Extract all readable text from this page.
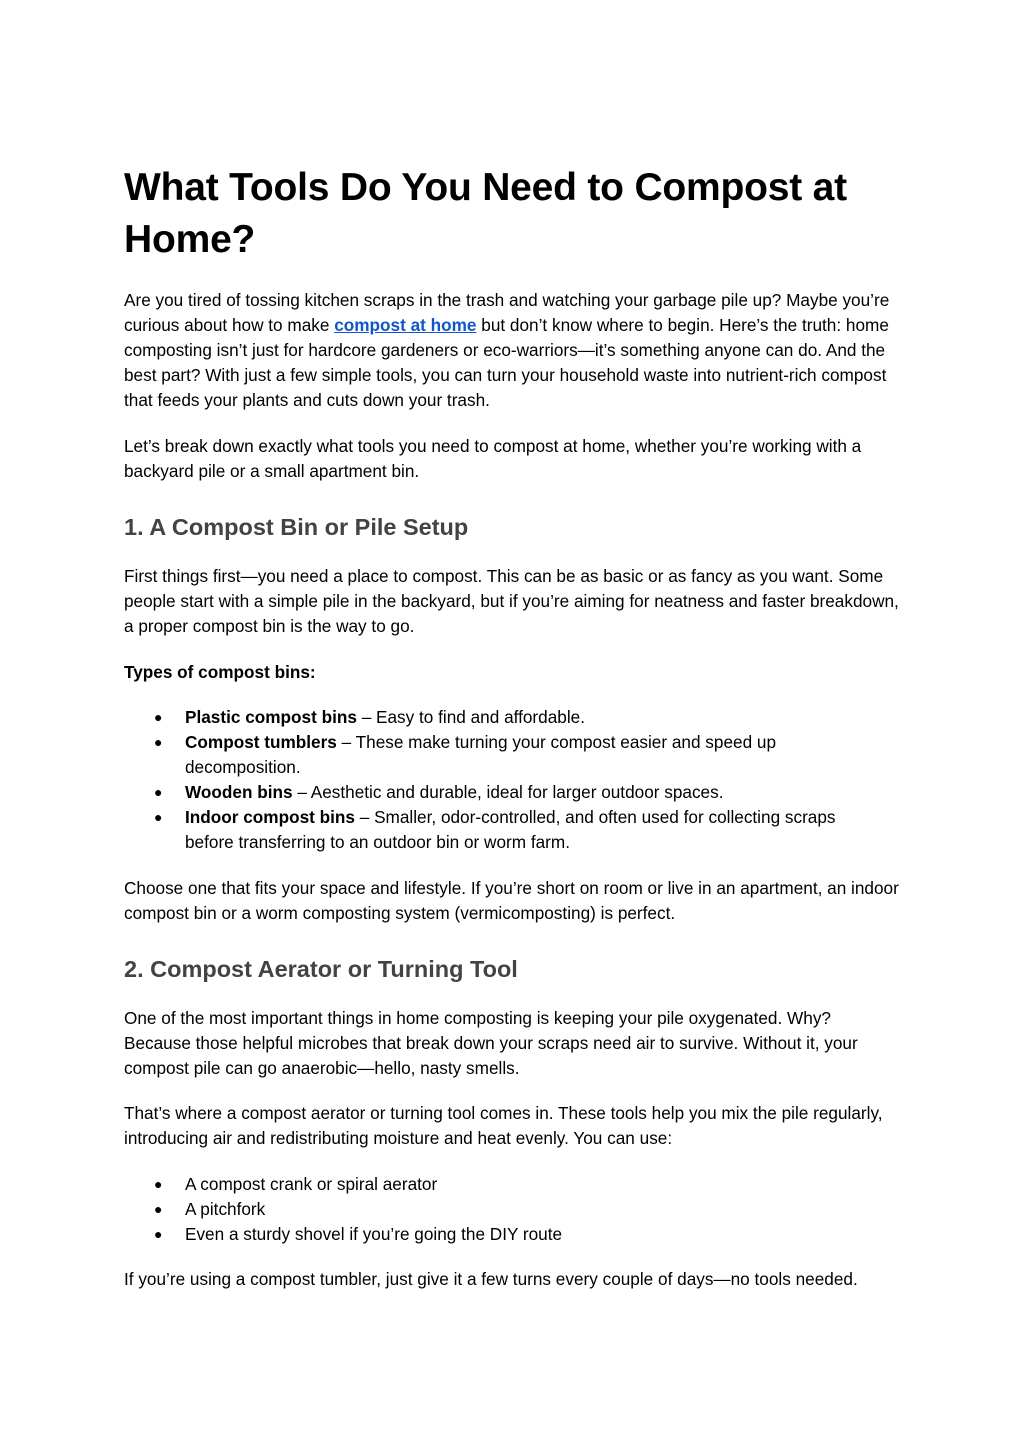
What Tools Do You Need to Compost at Home?

Are you tired of tossing kitchen scraps in the trash and watching your garbage pile up? Maybe you’re curious about how to make compost at home but don’t know where to begin. Here’s the truth: home composting isn’t just for hardcore gardeners or eco-warriors—it’s something anyone can do. And the best part? With just a few simple tools, you can turn your household waste into nutrient-rich compost that feeds your plants and cuts down your trash.

Let’s break down exactly what tools you need to compost at home, whether you’re working with a backyard pile or a small apartment bin.

1. A Compost Bin or Pile Setup

First things first—you need a place to compost. This can be as basic or as fancy as you want. Some people start with a simple pile in the backyard, but if you’re aiming for neatness and faster breakdown, a proper compost bin is the way to go.

Types of compost bins:

● Plastic compost bins – Easy to find and affordable.
● Compost tumblers – These make turning your compost easier and speed up decomposition.
● Wooden bins – Aesthetic and durable, ideal for larger outdoor spaces.
● Indoor compost bins – Smaller, odor-controlled, and often used for collecting scraps before transferring to an outdoor bin or worm farm.

Choose one that fits your space and lifestyle. If you’re short on room or live in an apartment, an indoor compost bin or a worm composting system (vermicomposting) is perfect.

2. Compost Aerator or Turning Tool

One of the most important things in home composting is keeping your pile oxygenated. Why? Because those helpful microbes that break down your scraps need air to survive. Without it, your compost pile can go anaerobic—hello, nasty smells.

That’s where a compost aerator or turning tool comes in. These tools help you mix the pile regularly, introducing air and redistributing moisture and heat evenly. You can use:

● A compost crank or spiral aerator
● A pitchfork
● Even a sturdy shovel if you’re going the DIY route

If you’re using a compost tumbler, just give it a few turns every couple of days—no tools needed.
